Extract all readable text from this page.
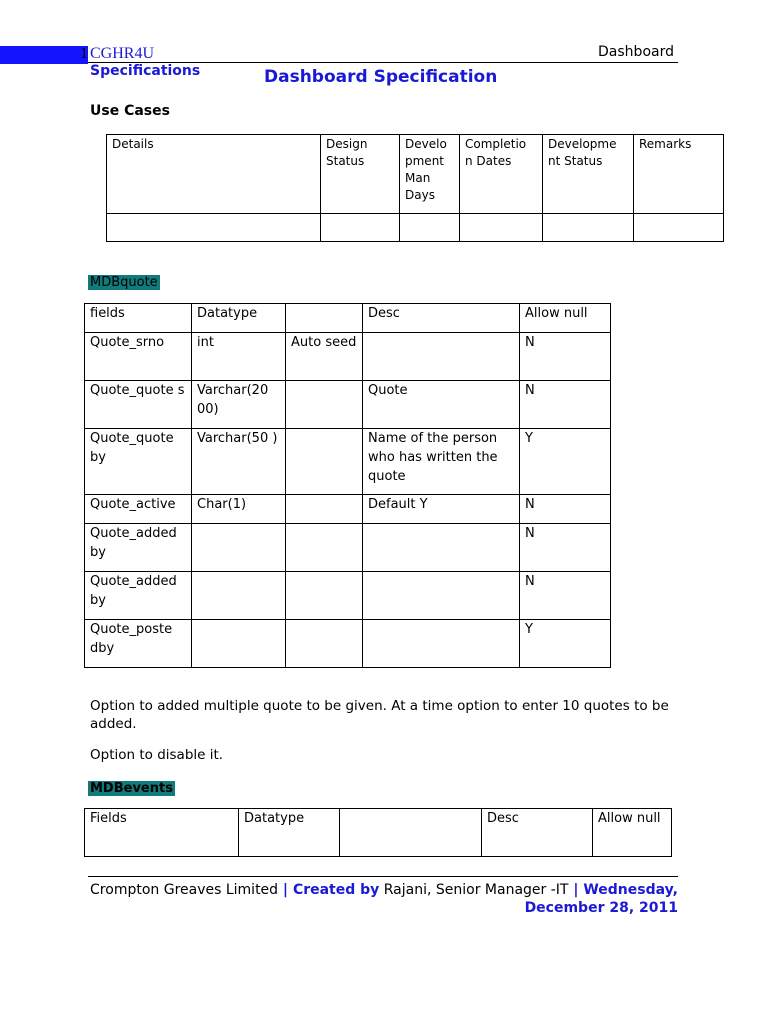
1 CGHR4U	Dashboard
Specifications	Dashboard Specification
Use Cases
Details	Design Status	Develo pment Man Days	Completio n Dates	Developme nt Status	Remarks

MDBquote
fields	Datatype		Desc	Allow null
Quote_srno	int	Auto seed		N
Quote_quote s	Varchar(20 00)		Quote	N
Quote_quote by	Varchar(50 )		Name of the person who has written the quote	Y
Quote_active	Char(1)		Default Y	N
Quote_added by				N
Quote_added by				N
Quote_poste dby				Y
Option to added multiple quote to be given. At a time option to enter 10 quotes to be added.
Option to disable it.
MDBevents
Fields	Datatype		Desc	Allow null
Crompton Greaves Limited | Created by Rajani, Senior Manager -IT | Wednesday, December 28, 2011
